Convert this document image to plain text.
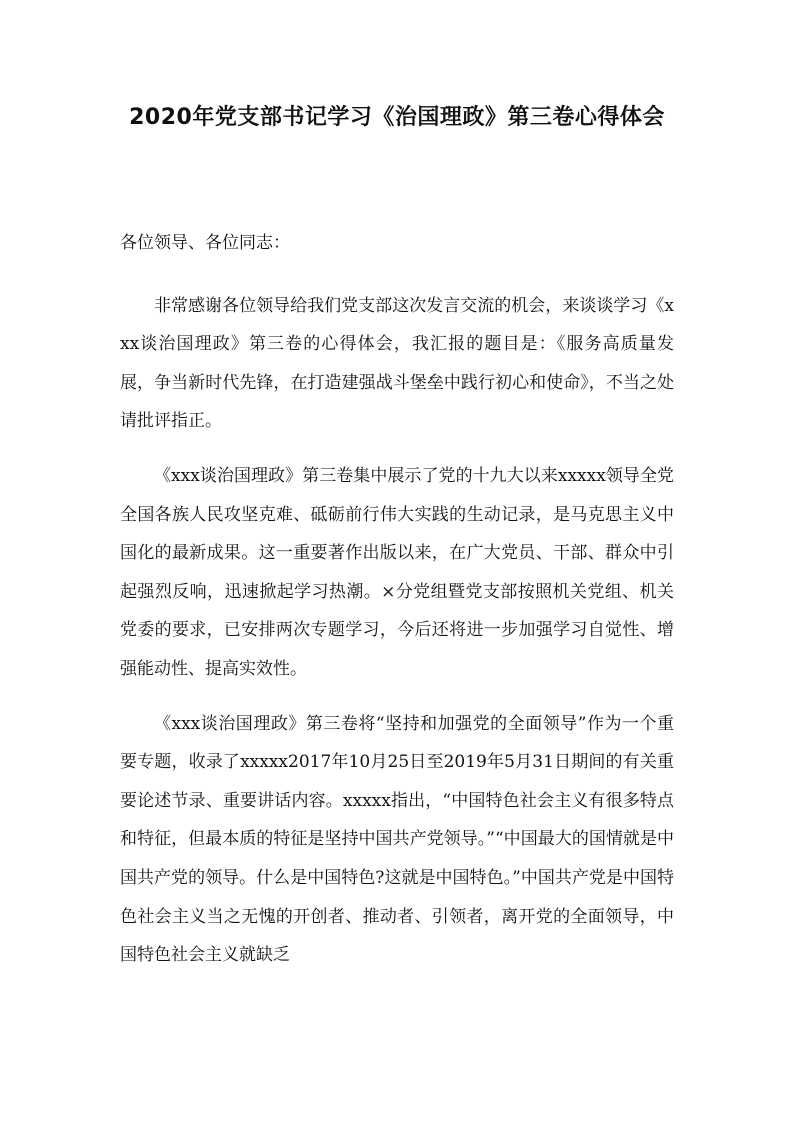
2020年党支部书记学习《治国理政》第三卷心得体会

各位领导、各位同志：

非常感谢各位领导给我们党支部这次发言交流的机会，来谈谈学习《xxx谈治国理政》第三卷的心得体会，我汇报的题目是：《服务高质量发展，争当新时代先锋，在打造建强战斗堡垒中践行初心和使命》，不当之处请批评指正。

《xxx谈治国理政》第三卷集中展示了党的十九大以来xxxxx领导全党全国各族人民攻坚克难、砥砺前行伟大实践的生动记录，是马克思主义中国化的最新成果。这一重要著作出版以来，在广大党员、干部、群众中引起强烈反响，迅速掀起学习热潮。×分党组暨党支部按照机关党组、机关党委的要求，已安排两次专题学习，今后还将进一步加强学习自觉性、增强能动性、提高实效性。

《xxx谈治国理政》第三卷将“坚持和加强党的全面领导”作为一个重要专题，收录了xxxxx2017年10月25日至2019年5月31日期间的有关重要论述节录、重要讲话内容。xxxxx指出，“中国特色社会主义有很多特点和特征，但最本质的特征是坚持中国共产党领导。”“中国最大的国情就是中国共产党的领导。什么是中国特色?这就是中国特色。”中国共产党是中国特色社会主义当之无愧的开创者、推动者、引领者，离开党的全面领导，中国特色社会主义就缺乏
